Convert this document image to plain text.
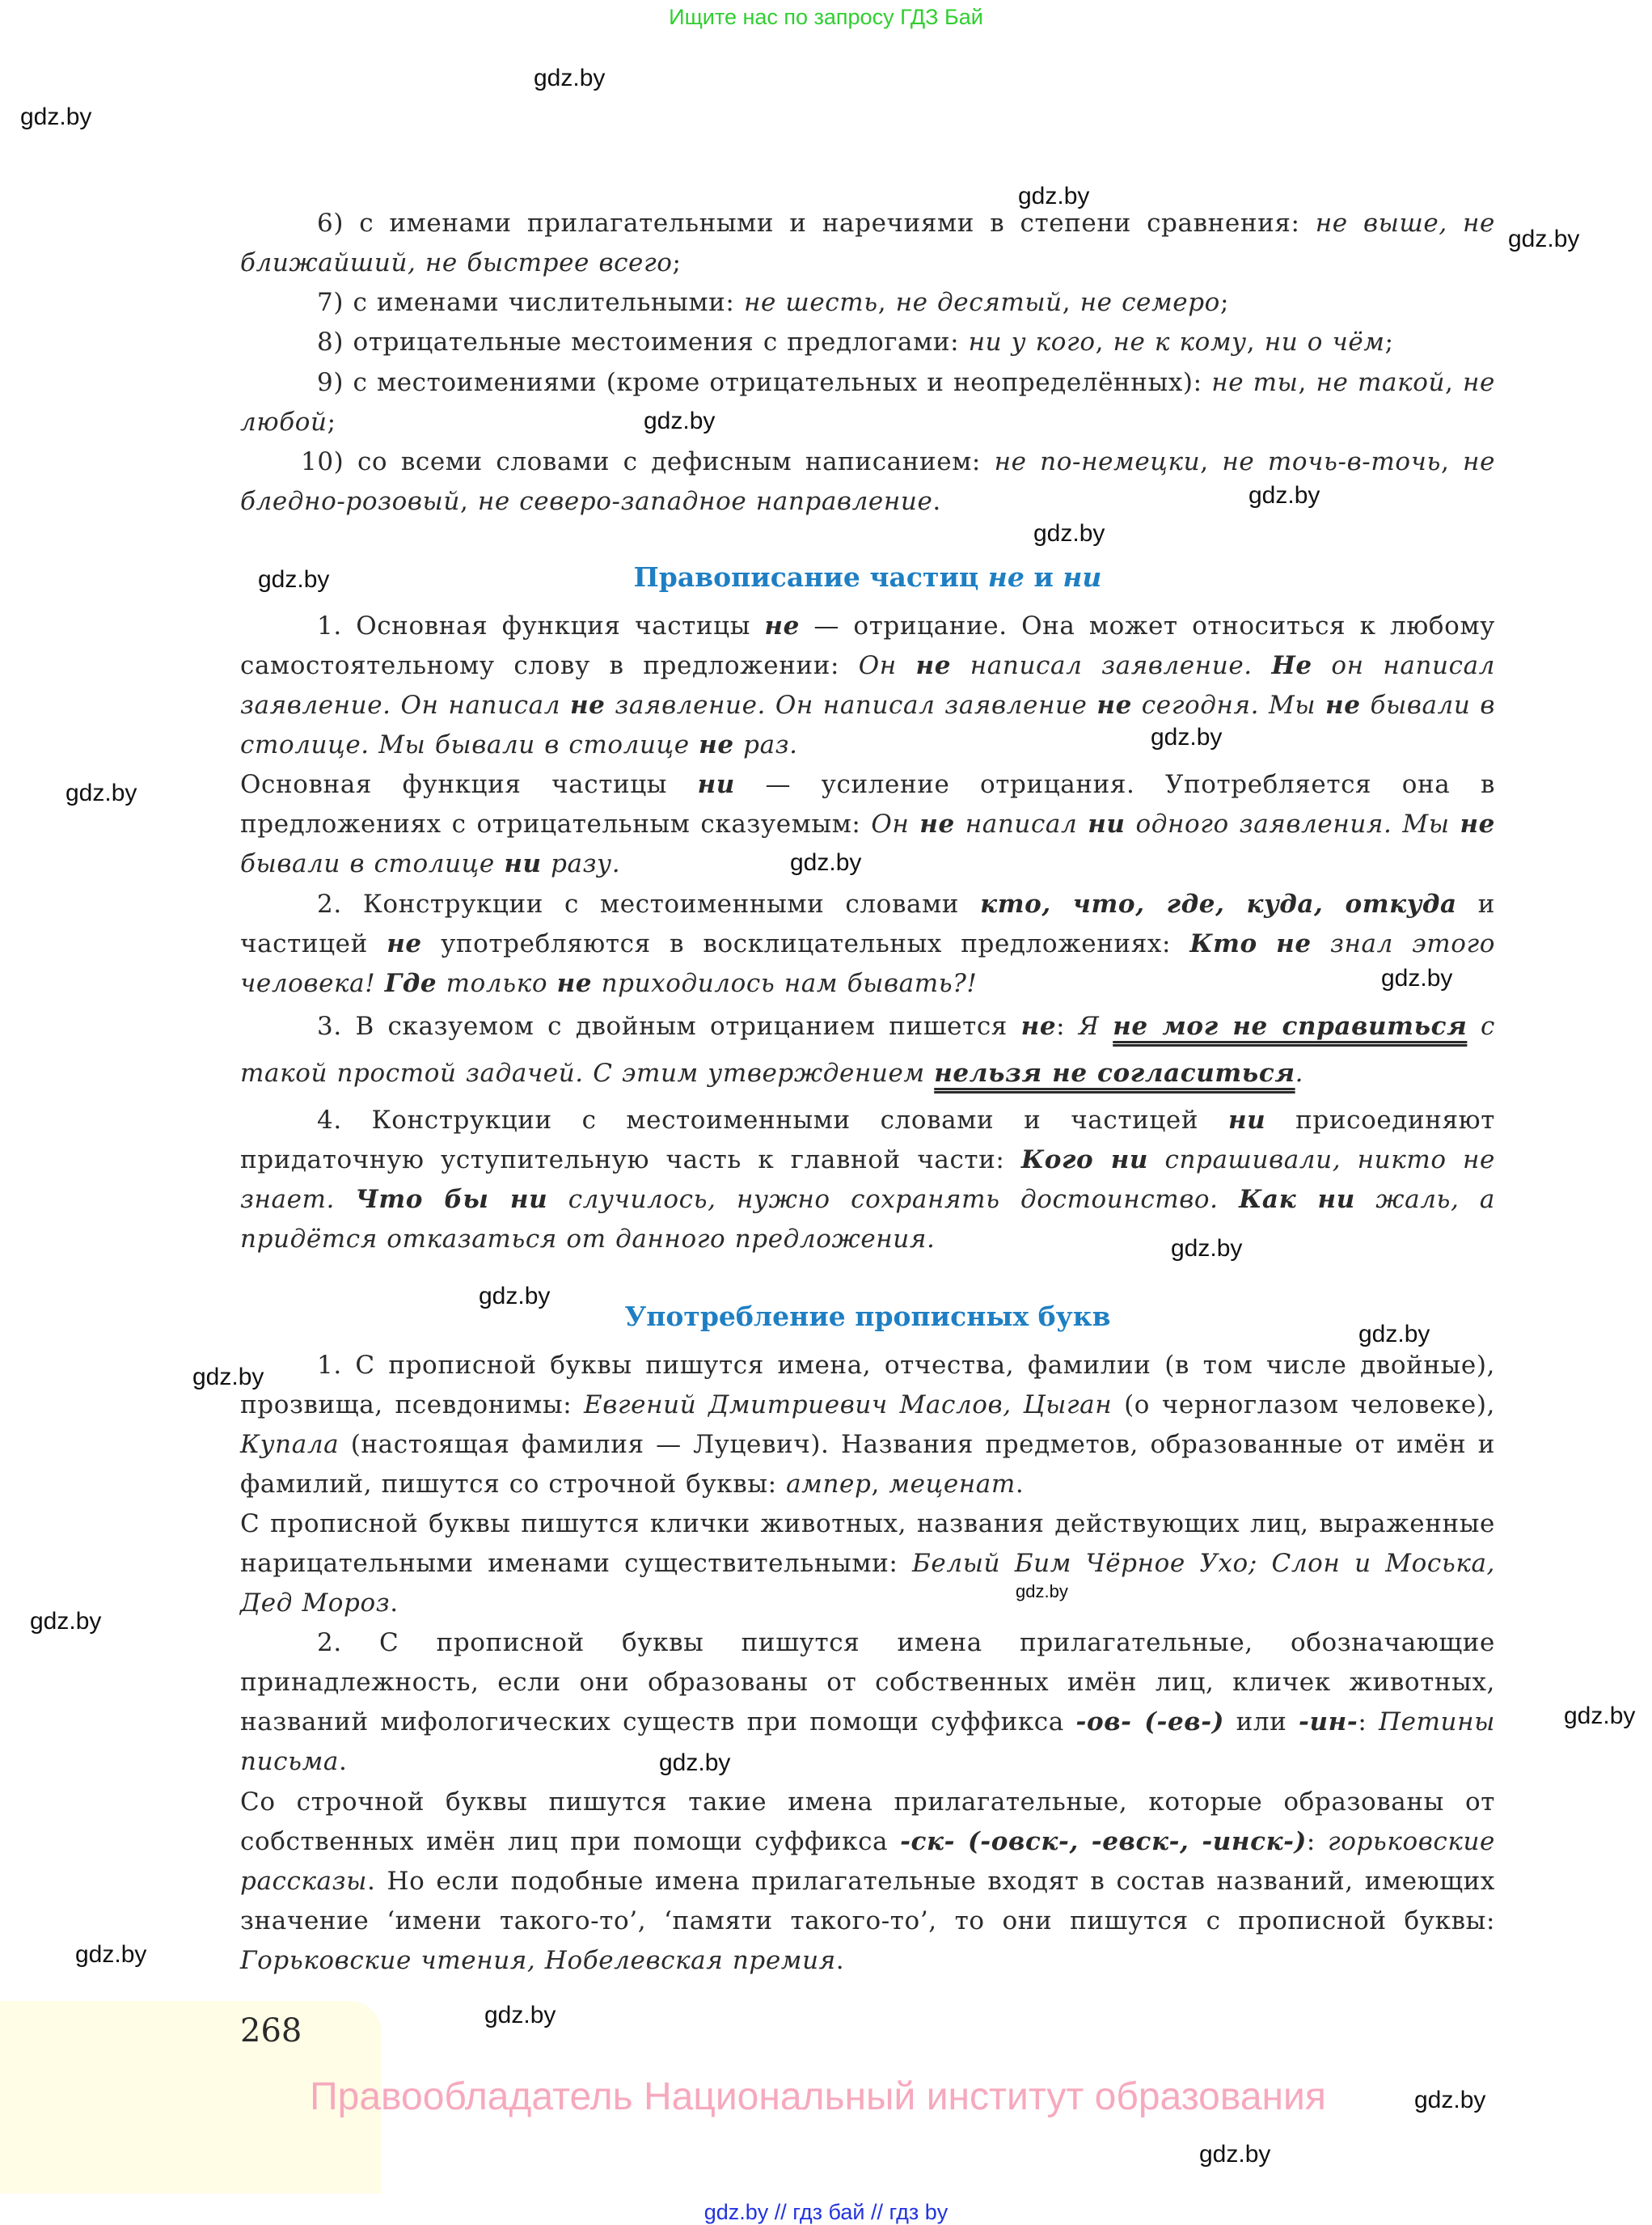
Ищите нас по запросу ГДЗ Бай
6) с именами прилагательными и наречиями в степени сравнения: не выше, не ближайший, не быстрее всего;
7) с именами числительными: не шесть, не десятый, не семеро;
8) отрицательные местоимения с предлогами: ни у кого, не к кому, ни о чём;
9) с местоимениями (кроме отрицательных и неопределённых): не ты, не такой, не любой;
10) со всеми словами с дефисным написанием: не по-немецки, не точь-в-точь, не бледно-розовый, не северо-западное направление.
1. Основная функция частицы не — отрицание. Она может относиться к любому самостоятельному слову в предложении: Он не написал заявление. Не он написал заявление. Он написал не заявление. Он написал заявление не сегодня. Мы не бывали в столице. Мы бывали в столице не раз.
Основная функция частицы ни — усиление отрицания. Употребляется она в предложениях с отрицательным сказуемым: Он не написал ни одного заявления. Мы не бывали в столице ни разу.
2. Конструкции с местоименными словами кто, что, где, куда, откуда и частицей не употребляются в восклицательных предложениях: Кто не знал этого человека! Где только не приходилось нам бывать?!
3. В сказуемом с двойным отрицанием пишется не: Я не мог не справиться с такой простой задачей. С этим утверждением нельзя не согласиться.
4. Конструкции с местоименными словами и частицей ни присоединяют придаточную уступительную часть к главной части: Кого ни спрашивали, никто не знает. Что бы ни случилось, нужно сохранять достоинство. Как ни жаль, а придётся отказаться от данного предложения.
1. С прописной буквы пишутся имена, отчества, фамилии (в том числе двойные), прозвища, псевдонимы: Евгений Дмитриевич Маслов, Цыган (о черноглазом человеке), Купала (настоящая фамилия — Луцевич). Названия предметов, образованные от имён и фамилий, пишутся со строчной буквы: ампер, меценат.
С прописной буквы пишутся клички животных, названия действующих лиц, выраженные нарицательными именами существительными: Белый Бим Чёрное Ухо; Слон и Моська, Дед Мороз.
2. С прописной буквы пишутся имена прилагательные, обозначающие принадлежность, если они образованы от собственных имён лиц, кличек животных, названий мифологических существ при помощи суффикса -ов- (-ев-) или -ин-: Петины письма.
Со строчной буквы пишутся такие имена прилагательные, которые образованы от собственных имён лиц при помощи суффикса -ск- (-овск-, -евск-, -инск-): горьковские рассказы. Но если подобные имена прилагательные входят в состав названий, имеющих значение ‘имени такого-то’, ‘памяти такого-то’, то они пишутся с прописной буквы: Горьковские чтения, Нобелевская премия.
Правописание частиц не и ни
Употребление прописных букв
268
Правообладатель Национальный институт образования
gdz.by // гдз бай // гдз by
gdz.by
gdz.by
gdz.by
gdz.by
gdz.by
gdz.by
gdz.by
gdz.by
gdz.by
gdz.by
gdz.by
gdz.by
gdz.by
gdz.by
gdz.by
gdz.by
gdz.by
gdz.by
gdz.by
gdz.by
gdz.by
gdz.by
gdz.by
gdz.by
